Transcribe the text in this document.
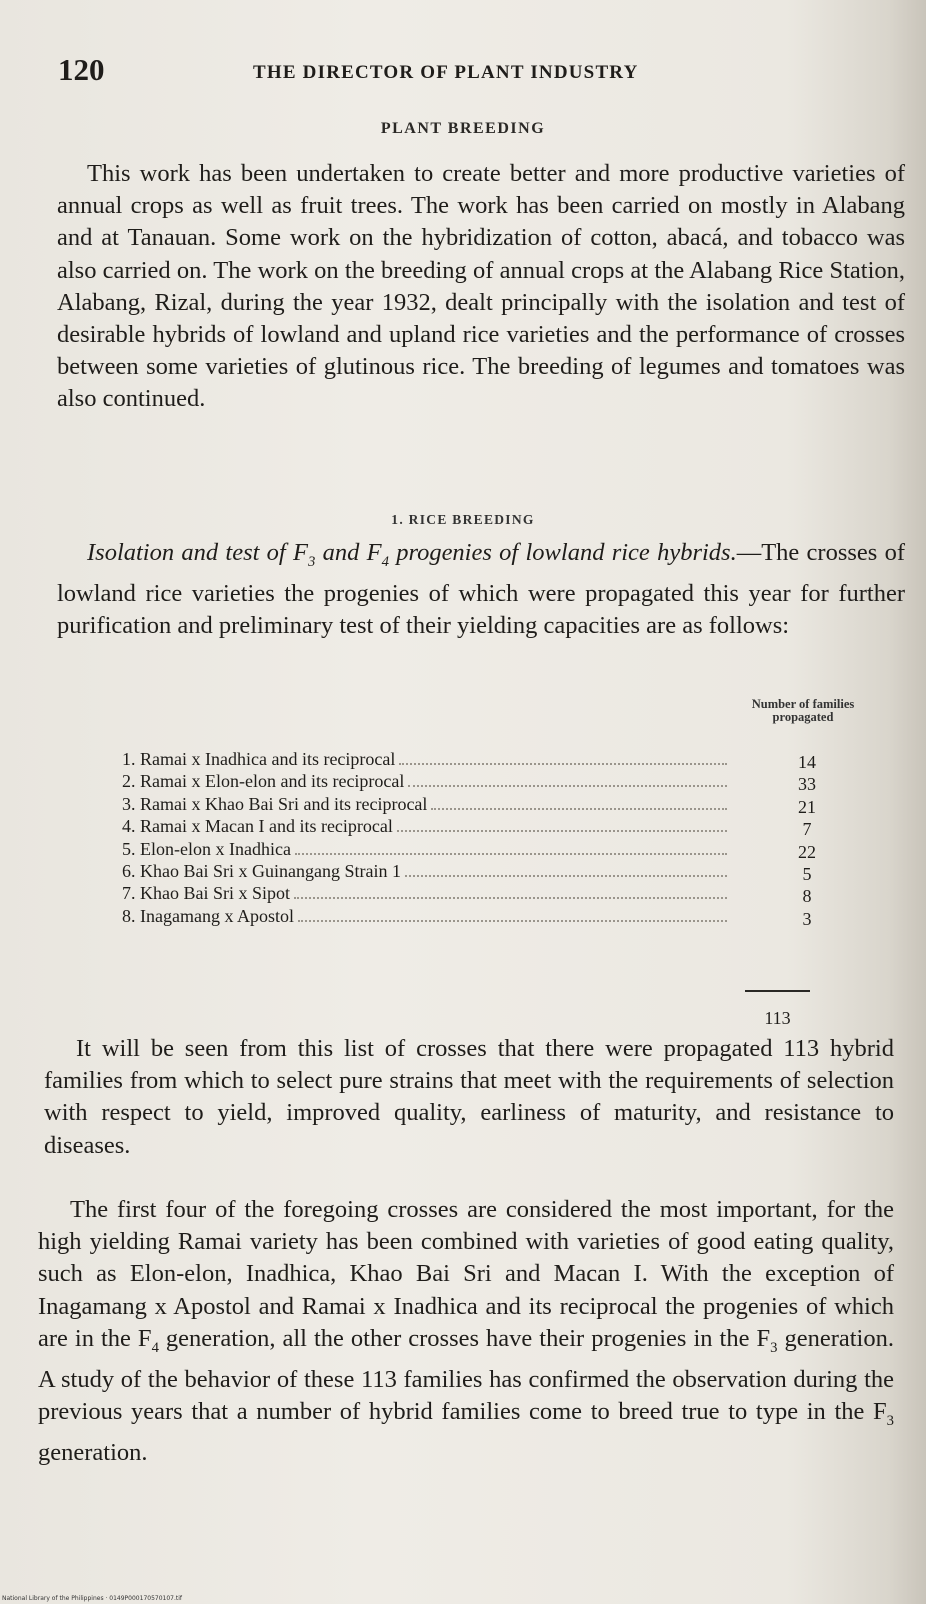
120	THE DIRECTOR OF PLANT INDUSTRY
PLANT BREEDING

This work has been undertaken to create better and more productive varieties of annual crops as well as fruit trees. The work has been carried on mostly in Alabang and at Tanauan. Some work on the hybridization of cotton, abacá, and tobacco was also carried on. The work on the breeding of annual crops at the Alabang Rice Station, Alabang, Rizal, during the year 1932, dealt principally with the isolation and test of desirable hybrids of lowland and upland rice varieties and the performance of crosses between some varieties of glutinous rice. The breeding of legumes and tomatoes was also continued.

1. RICE BREEDING

Isolation and test of $F_3$ and $F_4$ progenies of lowland rice hybrids.—The crosses of lowland rice varieties the progenies of which were propagated this year for further purification and preliminary test of their yielding capacities are as follows:

Number of families propagated
1. Ramai x Inadhica and its reciprocal	14
2. Ramai x Elon-elon and its reciprocal	33
3. Ramai x Khao Bai Sri and its reciprocal	21
4. Ramai x Macan I and its reciprocal	7
5. Elon-elon x Inadhica	22
6. Khao Bai Sri x Guinangang Strain 1	5
7. Khao Bai Sri x Sipot	8
8. Inagamang x Apostol	3
113

It will be seen from this list of crosses that there were propagated 113 hybrid families from which to select pure strains that meet with the requirements of selection with respect to yield, improved quality, earliness of maturity, and resistance to diseases.

The first four of the foregoing crosses are considered the most important, for the high yielding Ramai variety has been combined with varieties of good eating quality, such as Elon-elon, Inadhica, Khao Bai Sri and Macan I. With the exception of Inagamang x Apostol and Ramai x Inadhica and its reciprocal the progenies of which are in the $F_4$ generation, all the other crosses have their progenies in the $F_3$ generation. A study of the behavior of these 113 families has confirmed the observation during the previous years that a number of hybrid families come to breed true to type in the $F_3$ generation.

National Library of the Philippines · 0149P000170570107.tif
